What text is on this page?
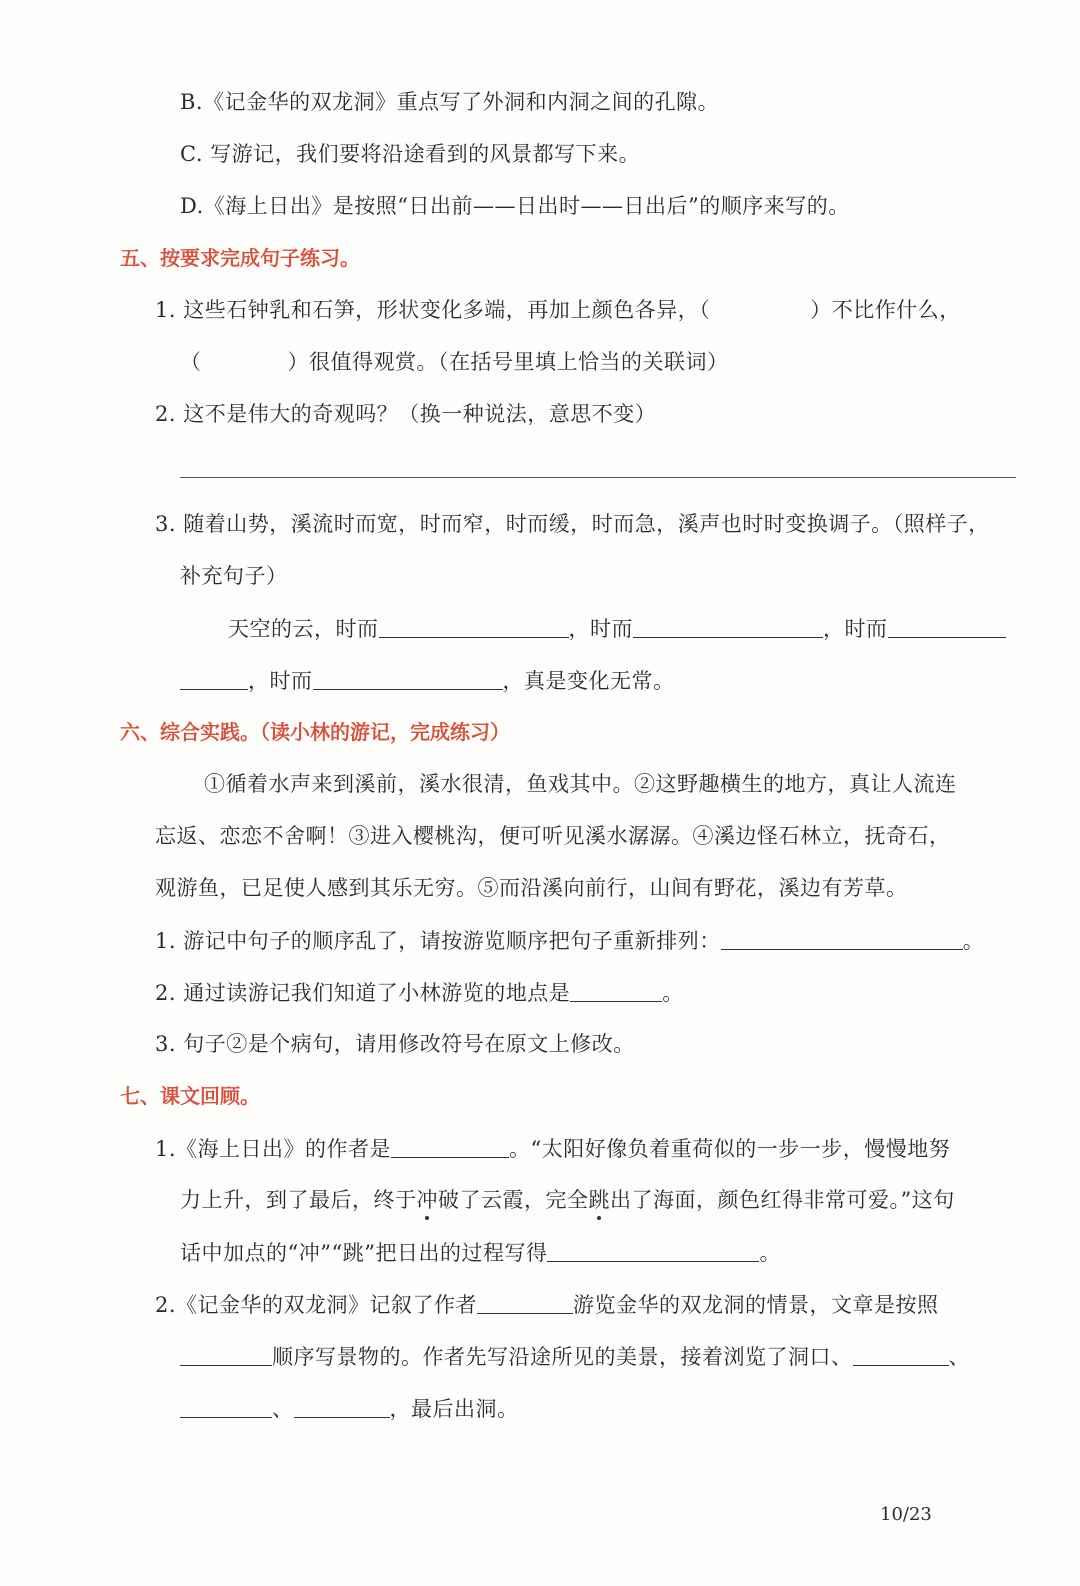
B.《记金华的双龙洞》重点写了外洞和内洞之间的孔隙。
C. 写游记，我们要将沿途看到的风景都写下来。
D.《海上日出》是按照“日出前——日出时——日出后”的顺序来写的。
五、按要求完成句子练习。
1. 这些石钟乳和石笋，形状变化多端，再加上颜色各异，（	）不比作什么，
（	）很值得观赏。（在括号里填上恰当的关联词）
2. 这不是伟大的奇观吗？（换一种说法，意思不变）
3. 随着山势，溪流时而宽，时而窄，时而缓，时而急，溪声也时时变换调子。（照样子，
补充句子）
天空的云，时而	，时而	，时而
，时而	，真是变化无常。
六、综合实践。（读小林的游记，完成练习）
①循着水声来到溪前，溪水很清，鱼戏其中。②这野趣横生的地方，真让人流连
忘返、恋恋不舍啊！③进入樱桃沟，便可听见溪水潺潺。④溪边怪石林立，抚奇石，
观游鱼，已足使人感到其乐无穷。⑤而沿溪向前行，山间有野花，溪边有芳草。
1. 游记中句子的顺序乱了，请按游览顺序把句子重新排列：	。
2. 通过读游记我们知道了小林游览的地点是	。
3. 句子②是个病句，请用修改符号在原文上修改。
七、课文回顾。
1.《海上日出》的作者是	。“太阳好像负着重荷似的一步一步，慢慢地努
力上升，到了最后，终于冲破了云霞，完全跳出了海面，颜色红得非常可爱。”这句
话中加点的“冲”“跳”把日出的过程写得	。
2.《记金华的双龙洞》记叙了作者	游览金华的双龙洞的情景，文章是按照
顺序写景物的。作者先写沿途所见的美景，接着浏览了洞口、	、
、	，最后出洞。
10/23
